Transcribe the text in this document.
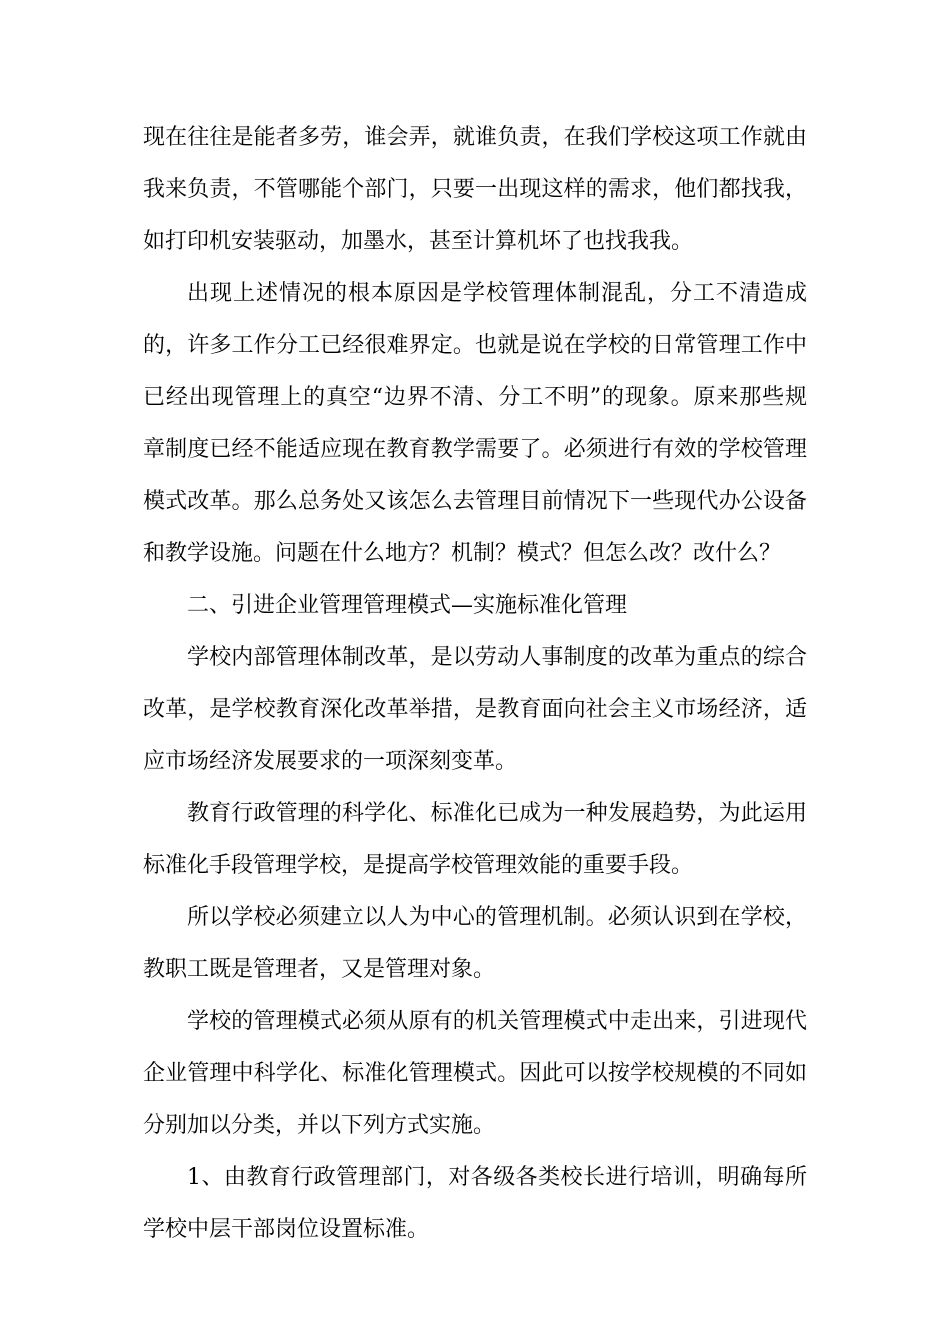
现在往往是能者多劳，谁会弄，就谁负责，在我们学校这项工作就由
我来负责，不管哪能个部门，只要一出现这样的需求，他们都找我，
如打印机安装驱动，加墨水，甚至计算机坏了也找我我。
出现上述情况的根本原因是学校管理体制混乱，分工不清造成
的，许多工作分工已经很难界定。也就是说在学校的日常管理工作中
已经出现管理上的真空“边界不清、分工不明”的现象。原来那些规
章制度已经不能适应现在教育教学需要了。必须进行有效的学校管理
模式改革。那么总务处又该怎么去管理目前情况下一些现代办公设备
和教学设施。问题在什么地方？机制？模式？但怎么改？改什么？
二、引进企业管理管理模式—实施标准化管理
学校内部管理体制改革，是以劳动人事制度的改革为重点的综合
改革，是学校教育深化改革举措，是教育面向社会主义市场经济，适
应市场经济发展要求的一项深刻变革。
教育行政管理的科学化、标准化已成为一种发展趋势，为此运用
标准化手段管理学校，是提高学校管理效能的重要手段。
所以学校必须建立以人为中心的管理机制。必须认识到在学校，
教职工既是管理者，又是管理对象。
学校的管理模式必须从原有的机关管理模式中走出来，引进现代
企业管理中科学化、标准化管理模式。因此可以按学校规模的不同如
分别加以分类，并以下列方式实施。
1、由教育行政管理部门，对各级各类校长进行培训，明确每所
学校中层干部岗位设置标准。
